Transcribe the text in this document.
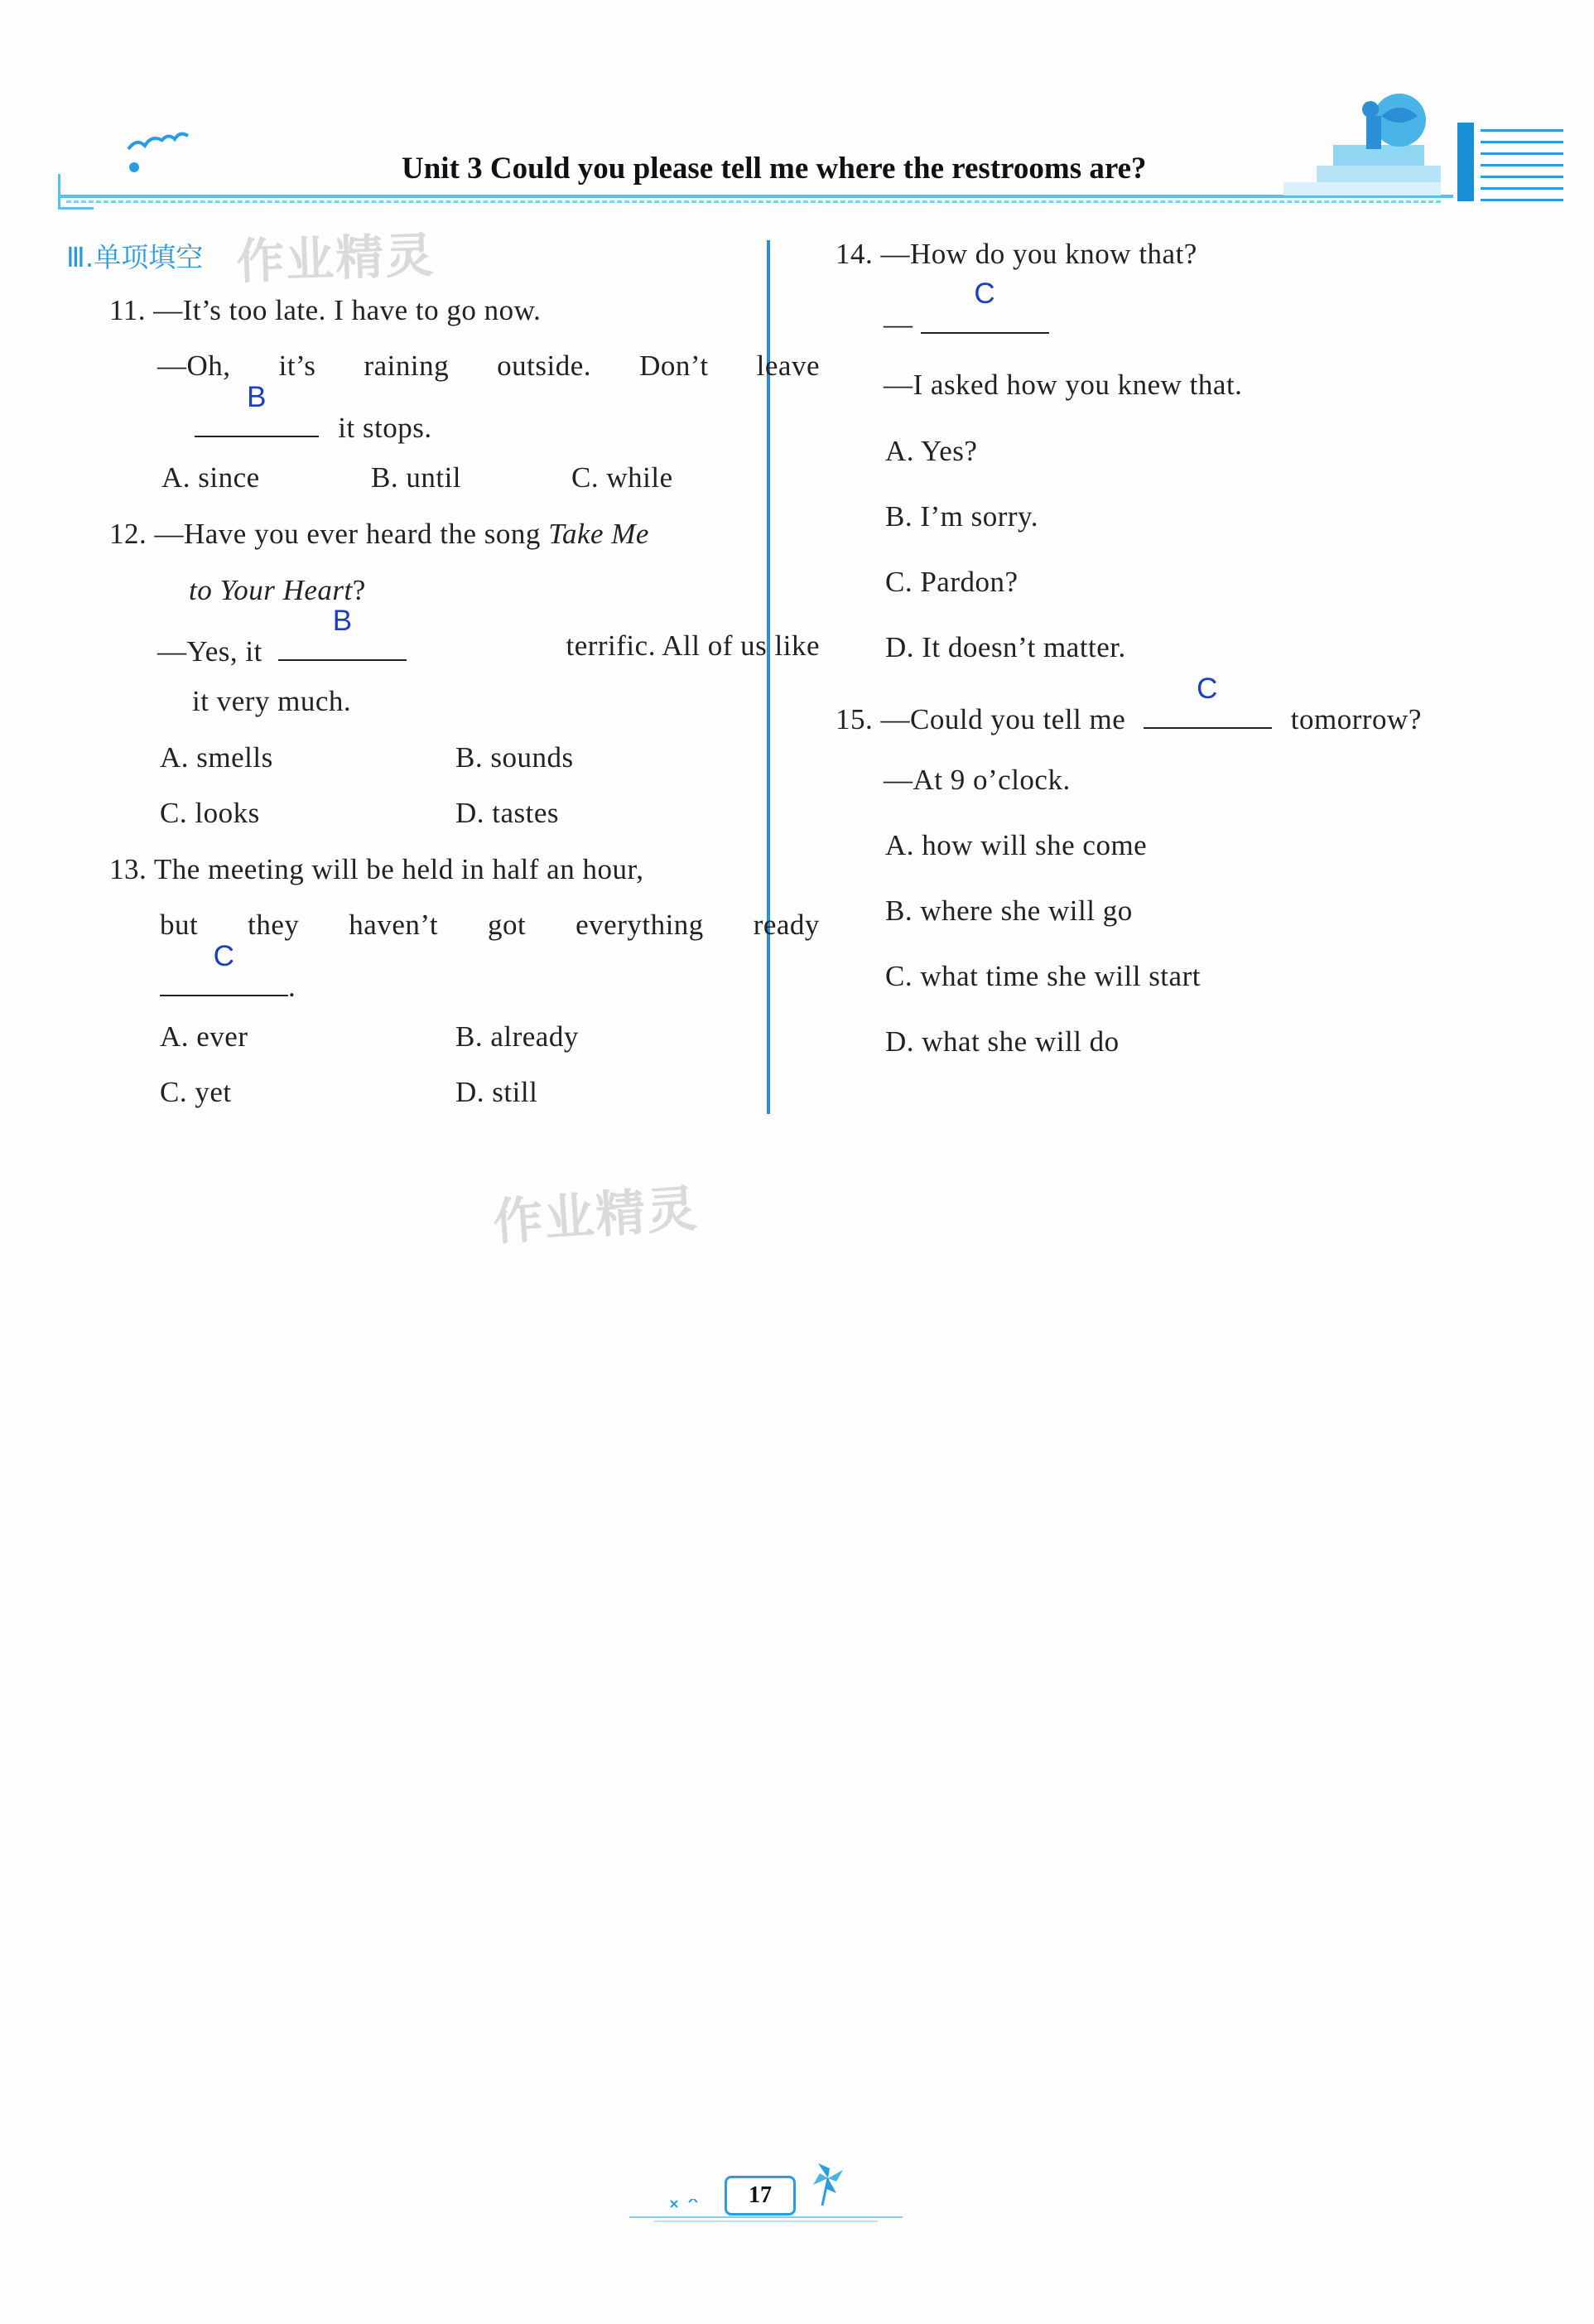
Unit 3 Could you please tell me where the restrooms are?
Ⅲ.单项填空 作业精灵
11. —It’s too late. I have to go now.
—Oh, it’s raining outside. Don’t leave
B
it stops.
A. since	B. until	C. while
12. —Have you ever heard the song Take Me
to Your Heart?
—Yes, it
B
terrific. All of us like
it very much.
A. smells	B. sounds
C. looks	D. tastes
13. The meeting will be held in half an hour,
but they haven’t got everything ready
C
.
A. ever	B. already
C. yet	D. still
14. —How do you know that?
—
C
—I asked how you knew that.
A. Yes?
B. I’m sorry.
C. Pardon?
D. It doesn’t matter.
15. —Could you tell me
C
tomorrow?
—At 9 o’clock.
A. how will she come
B. where she will go
C. what time she will start
D. what she will do
作业精灵
17
